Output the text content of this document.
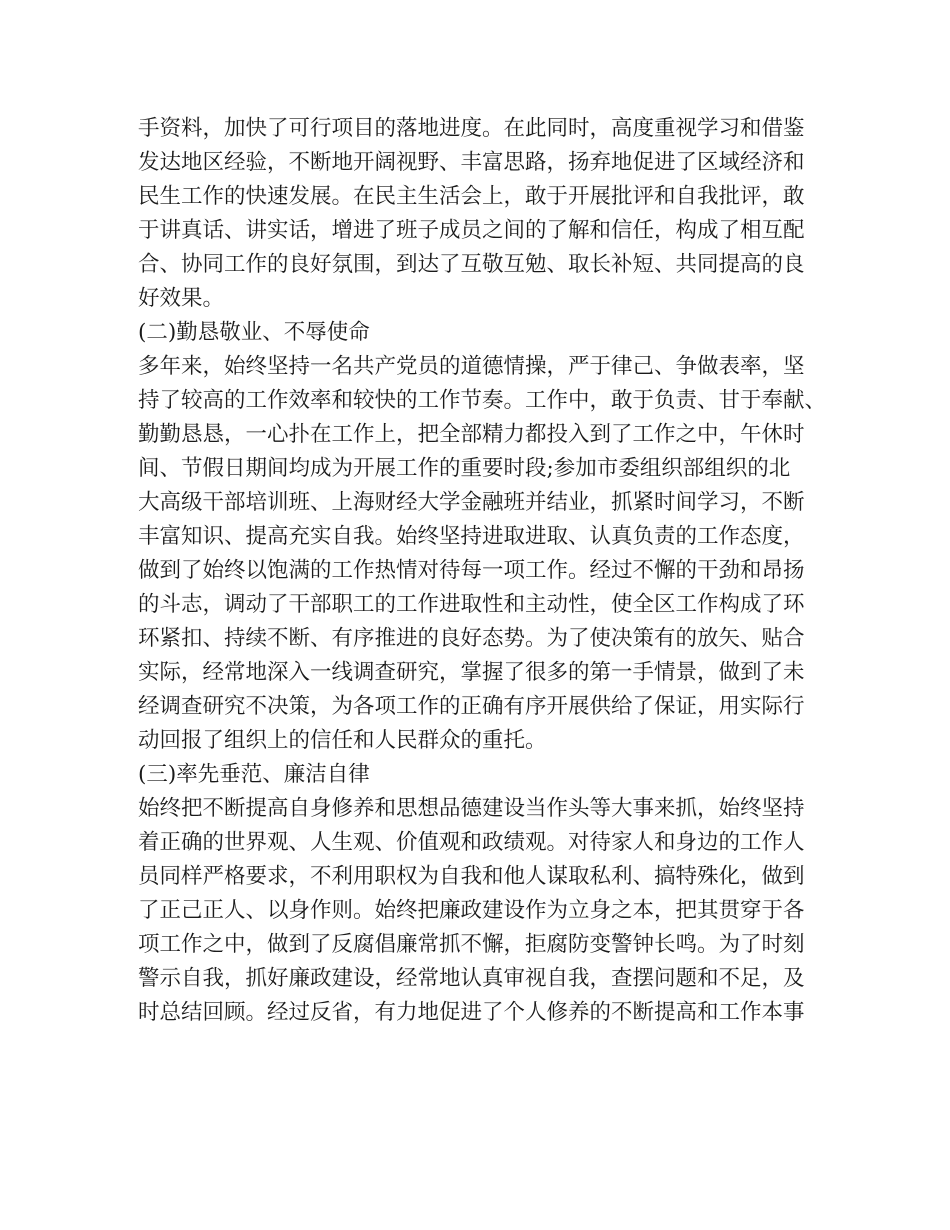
手资料，加快了可行项目的落地进度。在此同时，高度重视学习和借鉴
发达地区经验，不断地开阔视野、丰富思路，扬弃地促进了区域经济和
民生工作的快速发展。在民主生活会上，敢于开展批评和自我批评，敢
于讲真话、讲实话，增进了班子成员之间的了解和信任，构成了相互配
合、协同工作的良好氛围，到达了互敬互勉、取长补短、共同提高的良
好效果。
(二)勤恳敬业、不辱使命
多年来，始终坚持一名共产党员的道德情操，严于律己、争做表率，坚
持了较高的工作效率和较快的工作节奏。工作中，敢于负责、甘于奉献、
勤勤恳恳，一心扑在工作上，把全部精力都投入到了工作之中，午休时
间、节假日期间均成为开展工作的重要时段;参加市委组织部组织的北
大高级干部培训班、上海财经大学金融班并结业，抓紧时间学习，不断
丰富知识、提高充实自我。始终坚持进取进取、认真负责的工作态度，
做到了始终以饱满的工作热情对待每一项工作。经过不懈的干劲和昂扬
的斗志，调动了干部职工的工作进取性和主动性，使全区工作构成了环
环紧扣、持续不断、有序推进的良好态势。为了使决策有的放矢、贴合
实际，经常地深入一线调查研究，掌握了很多的第一手情景，做到了未
经调查研究不决策，为各项工作的正确有序开展供给了保证，用实际行
动回报了组织上的信任和人民群众的重托。
(三)率先垂范、廉洁自律
始终把不断提高自身修养和思想品德建设当作头等大事来抓，始终坚持
着正确的世界观、人生观、价值观和政绩观。对待家人和身边的工作人
员同样严格要求，不利用职权为自我和他人谋取私利、搞特殊化，做到
了正己正人、以身作则。始终把廉政建设作为立身之本，把其贯穿于各
项工作之中，做到了反腐倡廉常抓不懈，拒腐防变警钟长鸣。为了时刻
警示自我，抓好廉政建设，经常地认真审视自我，查摆问题和不足，及
时总结回顾。经过反省，有力地促进了个人修养的不断提高和工作本事
